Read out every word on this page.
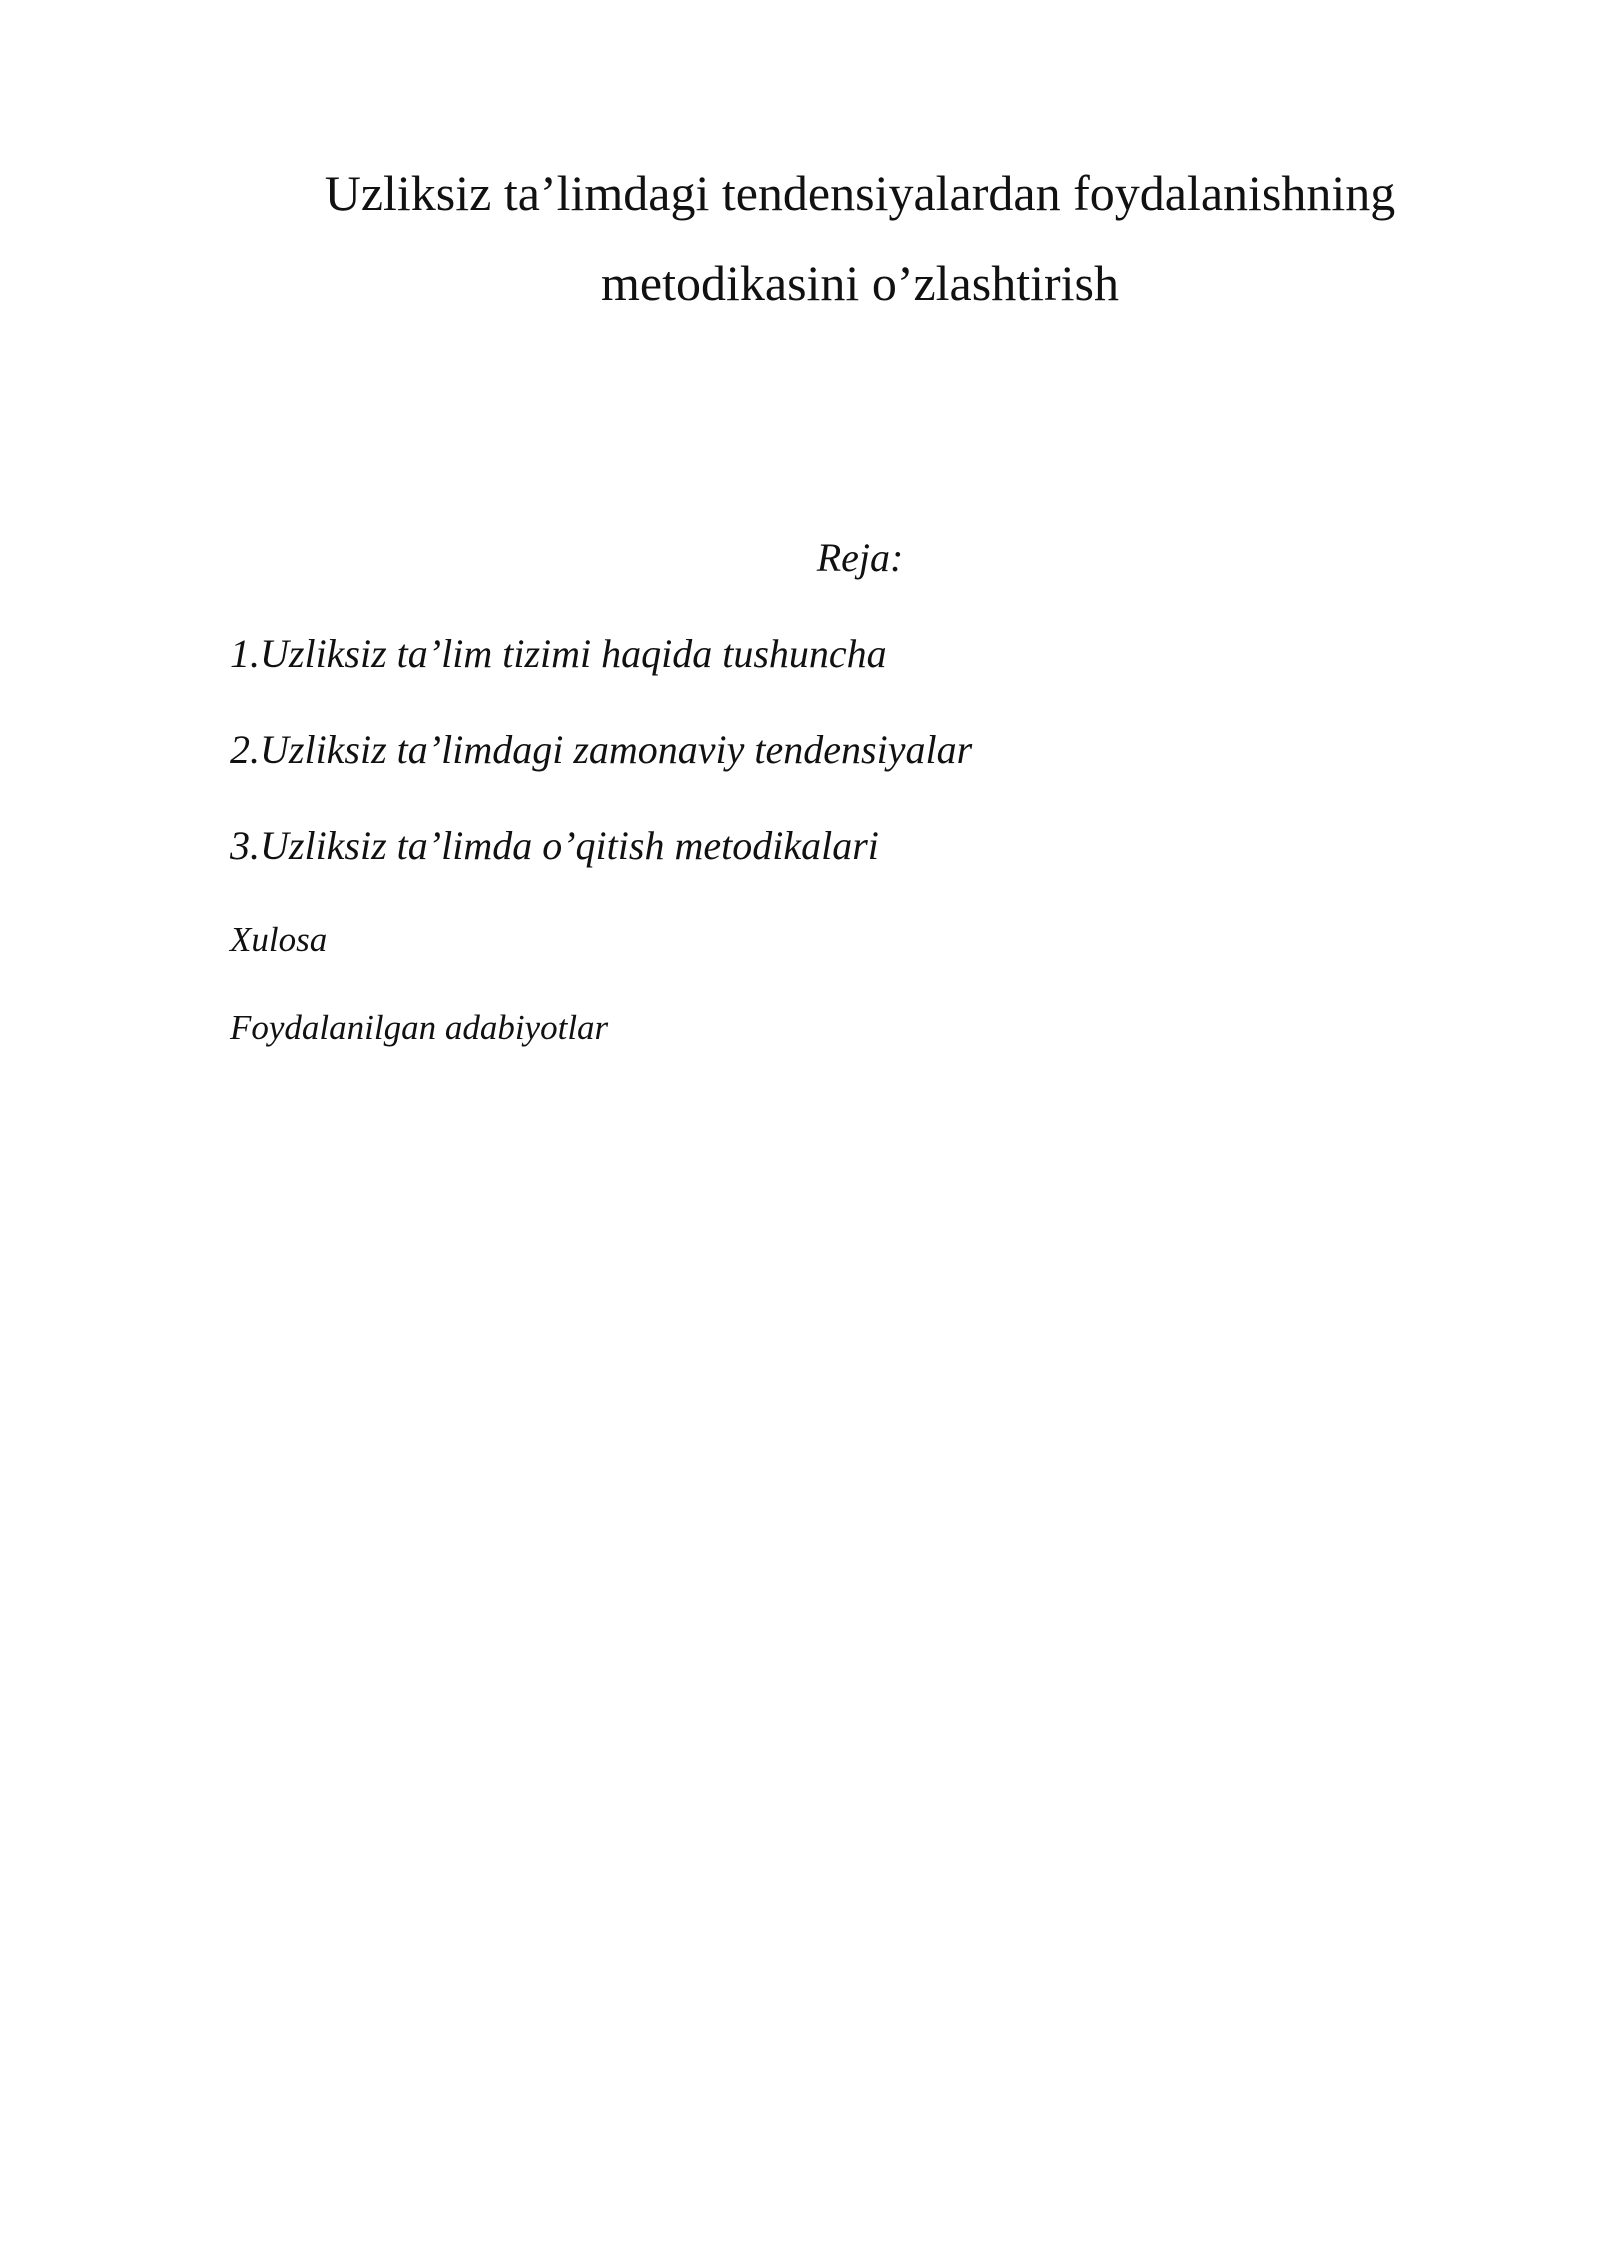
Uzliksiz ta’limdagi tendensiyalardan foydalanishning
metodikasini o’zlashtirish

Reja:

1.Uzliksiz ta’lim tizimi haqida tushuncha
2.Uzliksiz ta’limdagi zamonaviy tendensiyalar
3.Uzliksiz ta’limda o’qitish metodikalari
Xulosa
Foydalanilgan adabiyotlar
